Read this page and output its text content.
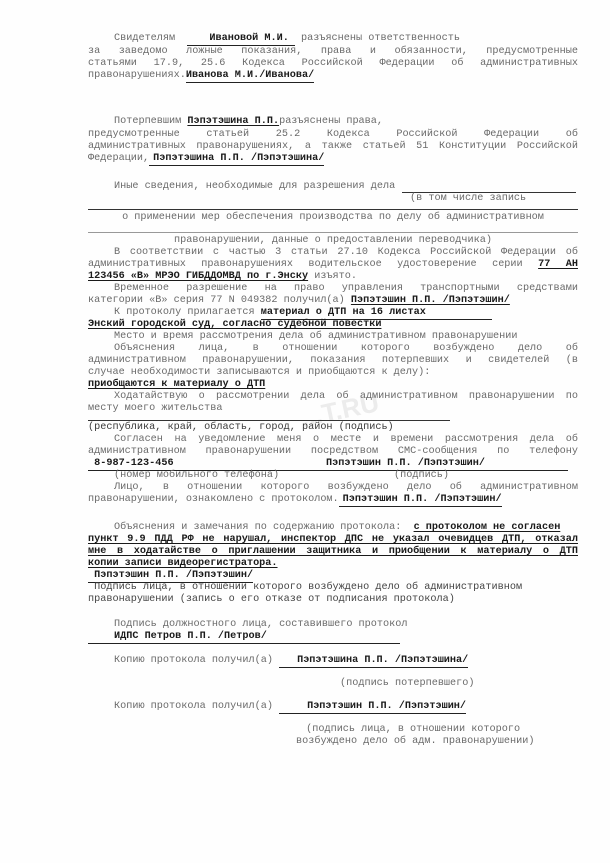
...T.RU
Свидетелям	Ивановой М.И. разъяснены ответственность
за заведомо ложные показания, права и обязанности, предусмотренные
статьями 17.9, 25.6 Кодекса Российской Федерации об административных
правонарушениях.Иванова М.И./Иванова/
Потерпевшим Пэпэтэшина П.П.разъяснены права,
предусмотренные статьей 25.2 Кодекса Российской Федерации об
административных правонарушениях, а также статьей 51 Конституции Российской
Федерации, Пэпэтэшина П.П. /Пэпэтэшина/
Иные сведения, необходимые для разрешения дела
(в том числе запись
о применении мер обеспечения производства по делу об административном
правонарушении, данные о предоставлении переводчика)
В соответствии с частью 3 статьи 27.10 Кодекса Российской Федерации об
административных правонарушениях водительское удостоверение серии 77 АН
123456 «В» МРЭО ГИБДДОМВД по г.Энску изъято.
Временное разрешение на право управления транспортными средствами
категории «В» серия 77 N 049382 получил(а) Пэпэтэшин П.П. /Пэпэтэшин/
К протоколу прилагается материал о ДТП на 16 листах
Энский городской суд, согласно судебной повестки
Место и время рассмотрения дела об административном правонарушении
Объяснения лица, в отношении которого возбуждено дело об
административном правонарушении, показания потерпевших и свидетелей (в
случае необходимости записываются и приобщаются к делу):
приобщаются к материалу о ДТП
Ходатайствую о рассмотрении дела об административном правонарушении по
месту моего жительства
(республика, край, область, город, район (подпись)
Согласен на уведомление меня о месте и времени рассмотрения дела об
административном правонарушении посредством СМС-сообщения по телефону
8-987-123-456	Пэпэтэшин П.П. /Пэпэтэшин/
(номер мобильного телефона)	(подпись)
Лицо, в отношении которого возбуждено дело об административном
правонарушении, ознакомлено с протоколом. Пэпэтэшин П.П. /Пэпэтэшин/
Объяснения и замечания по содержанию протокола: с протоколом не согласен
пункт 9.9 ПДД РФ не нарушал, инспектор ДПС не указал очевидцев ДТП, отказал
мне в ходатайстве о приглашении защитника и приобщении к материалу о ДТП
копии записи видеорегистратора.
Пэпэтэшин П.П. /Пэпэтэшин/
Подпись лица, в отношении которого возбуждено дело об административном
правонарушении (запись о его отказе от подписания протокола)
Подпись должностного лица, составившего протокол
ИДПС Петров П.П. /Петров/
Копию протокола получил(а) Пэпэтэшина П.П. /Пэпэтэшина/
(подпись потерпевшего)
Копию протокола получил(а)	Пэпэтэшин П.П. /Пэпэтэшин/
(подпись лица, в отношении которого
возбуждено дело об адм. правонарушении)
